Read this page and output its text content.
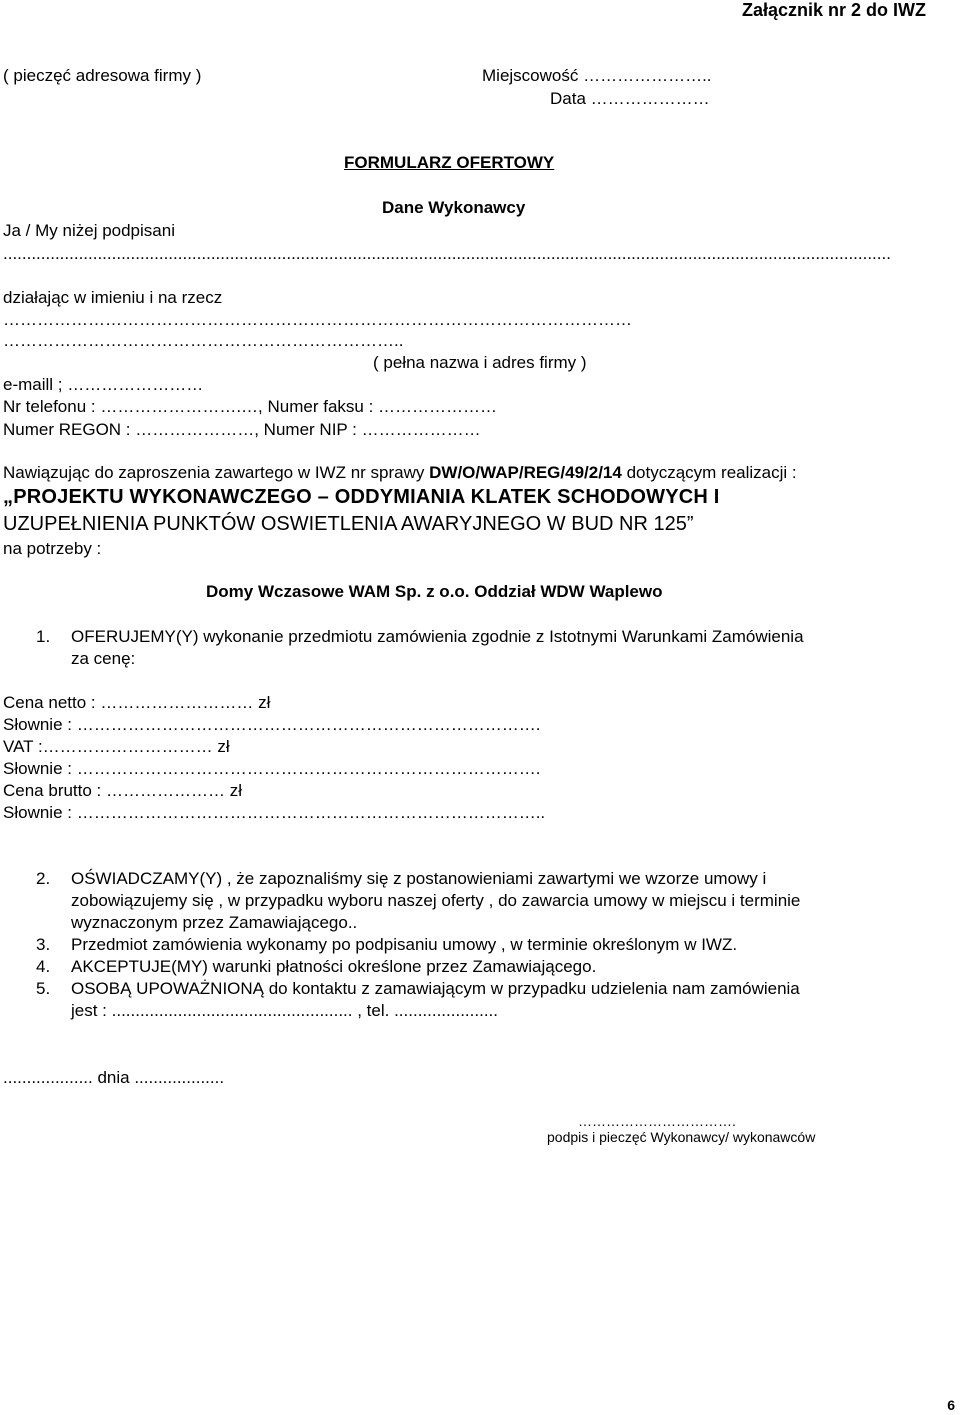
Załącznik nr 2 do IWZ
( pieczęć adresowa firmy )	Miejscowość …………………..
Data …………………
FORMULARZ OFERTOWY
Dane Wykonawcy
Ja / My niżej podpisani
............................................................................................................................................................................................
działając w imieniu i na rzecz
…………………………………………………………………………………………………
……………………………………………………………..
( pełna nazwa i adres firmy )
e-maill ; ……………………
Nr telefonu : …………………….…, Numer faksu : …………………
Numer REGON : …………………, Numer NIP : …………………
Nawiązując do zaproszenia zawartego w IWZ nr sprawy DW/O/WAP/REG/49/2/14 dotyczącym realizacji :
„PROJEKTU WYKONAWCZEGO – ODDYMIANIA KLATEK SCHODOWYCH I
UZUPEŁNIENIA PUNKTÓW OSWIETLENIA AWARYJNEGO W BUD NR 125”
na potrzeby :
Domy Wczasowe WAM Sp. z o.o. Oddział WDW Waplewo
1. OFERUJEMY(Y) wykonanie przedmiotu zamówienia zgodnie z Istotnymi Warunkami Zamówienia
za cenę:
Cena netto : ……………………… zł
Słownie : ……………………………………………………………………….
VAT :………………………… zł
Słownie : ……………………………………………………………………….
Cena brutto : ………………… zł
Słownie : ………………………………………………………………………..
2. OŚWIADCZAMY(Y) , że zapoznaliśmy się z postanowieniami zawartymi we wzorze umowy i
zobowiązujemy się , w przypadku wyboru naszej oferty , do zawarcia umowy w miejscu i terminie
wyznaczonym przez Zamawiającego..
3. Przedmiot zamówienia wykonamy po podpisaniu umowy , w terminie określonym w IWZ.
4. AKCEPTUJE(MY) warunki płatności określone przez Zamawiającego.
5. OSOBĄ UPOWAŻNIONĄ do kontaktu z zamawiającym w przypadku udzielenia nam zamówienia
jest : ................................................... , tel. ......................
................... dnia ...................
…………………………….
podpis i pieczęć Wykonawcy/ wykonawców
6
